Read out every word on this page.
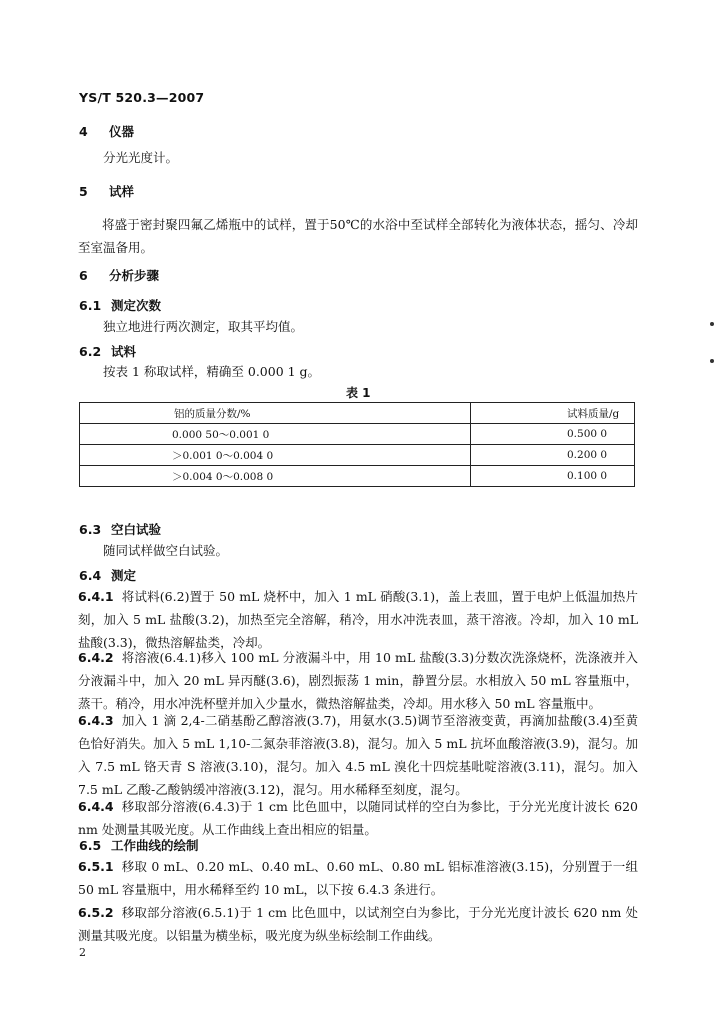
YS/T 520.3—2007
4 仪器
分光光度计。
5 试样
将盛于密封聚四氟乙烯瓶中的试样，置于50℃的水浴中至试样全部转化为液体状态，摇匀、冷却至室温备用。
6 分析步骤
6.1 测定次数
独立地进行两次测定，取其平均值。
6.2 试料
按表 1 称取试样，精确至 0.000 1 g。
表 1
铝的质量分数/%	试料质量/g
0.000 50～0.001 0	0.500 0
＞0.001 0～0.004 0	0.200 0
＞0.004 0～0.008 0	0.100 0
6.3 空白试验
随同试样做空白试验。
6.4 测定
6.4.1 将试料(6.2)置于 50 mL 烧杯中，加入 1 mL 硝酸(3.1)，盖上表皿，置于电炉上低温加热片刻，加入 5 mL 盐酸(3.2)，加热至完全溶解，稍冷，用水冲洗表皿，蒸干溶液。冷却，加入 10 mL 盐酸(3.3)，微热溶解盐类，冷却。
6.4.2 将溶液(6.4.1)移入 100 mL 分液漏斗中，用 10 mL 盐酸(3.3)分数次洗涤烧杯，洗涤液并入分液漏斗中，加入 20 mL 异丙醚(3.6)，剧烈振荡 1 min，静置分层。水相放入 50 mL 容量瓶中，蒸干。稍冷，用水冲洗杯壁并加入少量水，微热溶解盐类，冷却。用水移入 50 mL 容量瓶中。
6.4.3 加入 1 滴 2,4-二硝基酚乙醇溶液(3.7)，用氨水(3.5)调节至溶液变黄，再滴加盐酸(3.4)至黄色恰好消失。加入 5 mL 1,10-二氮杂菲溶液(3.8)，混匀。加入 5 mL 抗坏血酸溶液(3.9)，混匀。加入 7.5 mL 铬天青 S 溶液(3.10)，混匀。加入 4.5 mL 溴化十四烷基吡啶溶液(3.11)，混匀。加入 7.5 mL 乙酸-乙酸钠缓冲溶液(3.12)，混匀。用水稀释至刻度，混匀。
6.4.4 移取部分溶液(6.4.3)于 1 cm 比色皿中，以随同试样的空白为参比，于分光光度计波长 620 nm 处测量其吸光度。从工作曲线上查出相应的铝量。
6.5 工作曲线的绘制
6.5.1 移取 0 mL、0.20 mL、0.40 mL、0.60 mL、0.80 mL 铝标准溶液(3.15)，分别置于一组 50 mL 容量瓶中，用水稀释至约 10 mL，以下按 6.4.3 条进行。
6.5.2 移取部分溶液(6.5.1)于 1 cm 比色皿中，以试剂空白为参比，于分光光度计波长 620 nm 处测量其吸光度。以铝量为横坐标，吸光度为纵坐标绘制工作曲线。
2
